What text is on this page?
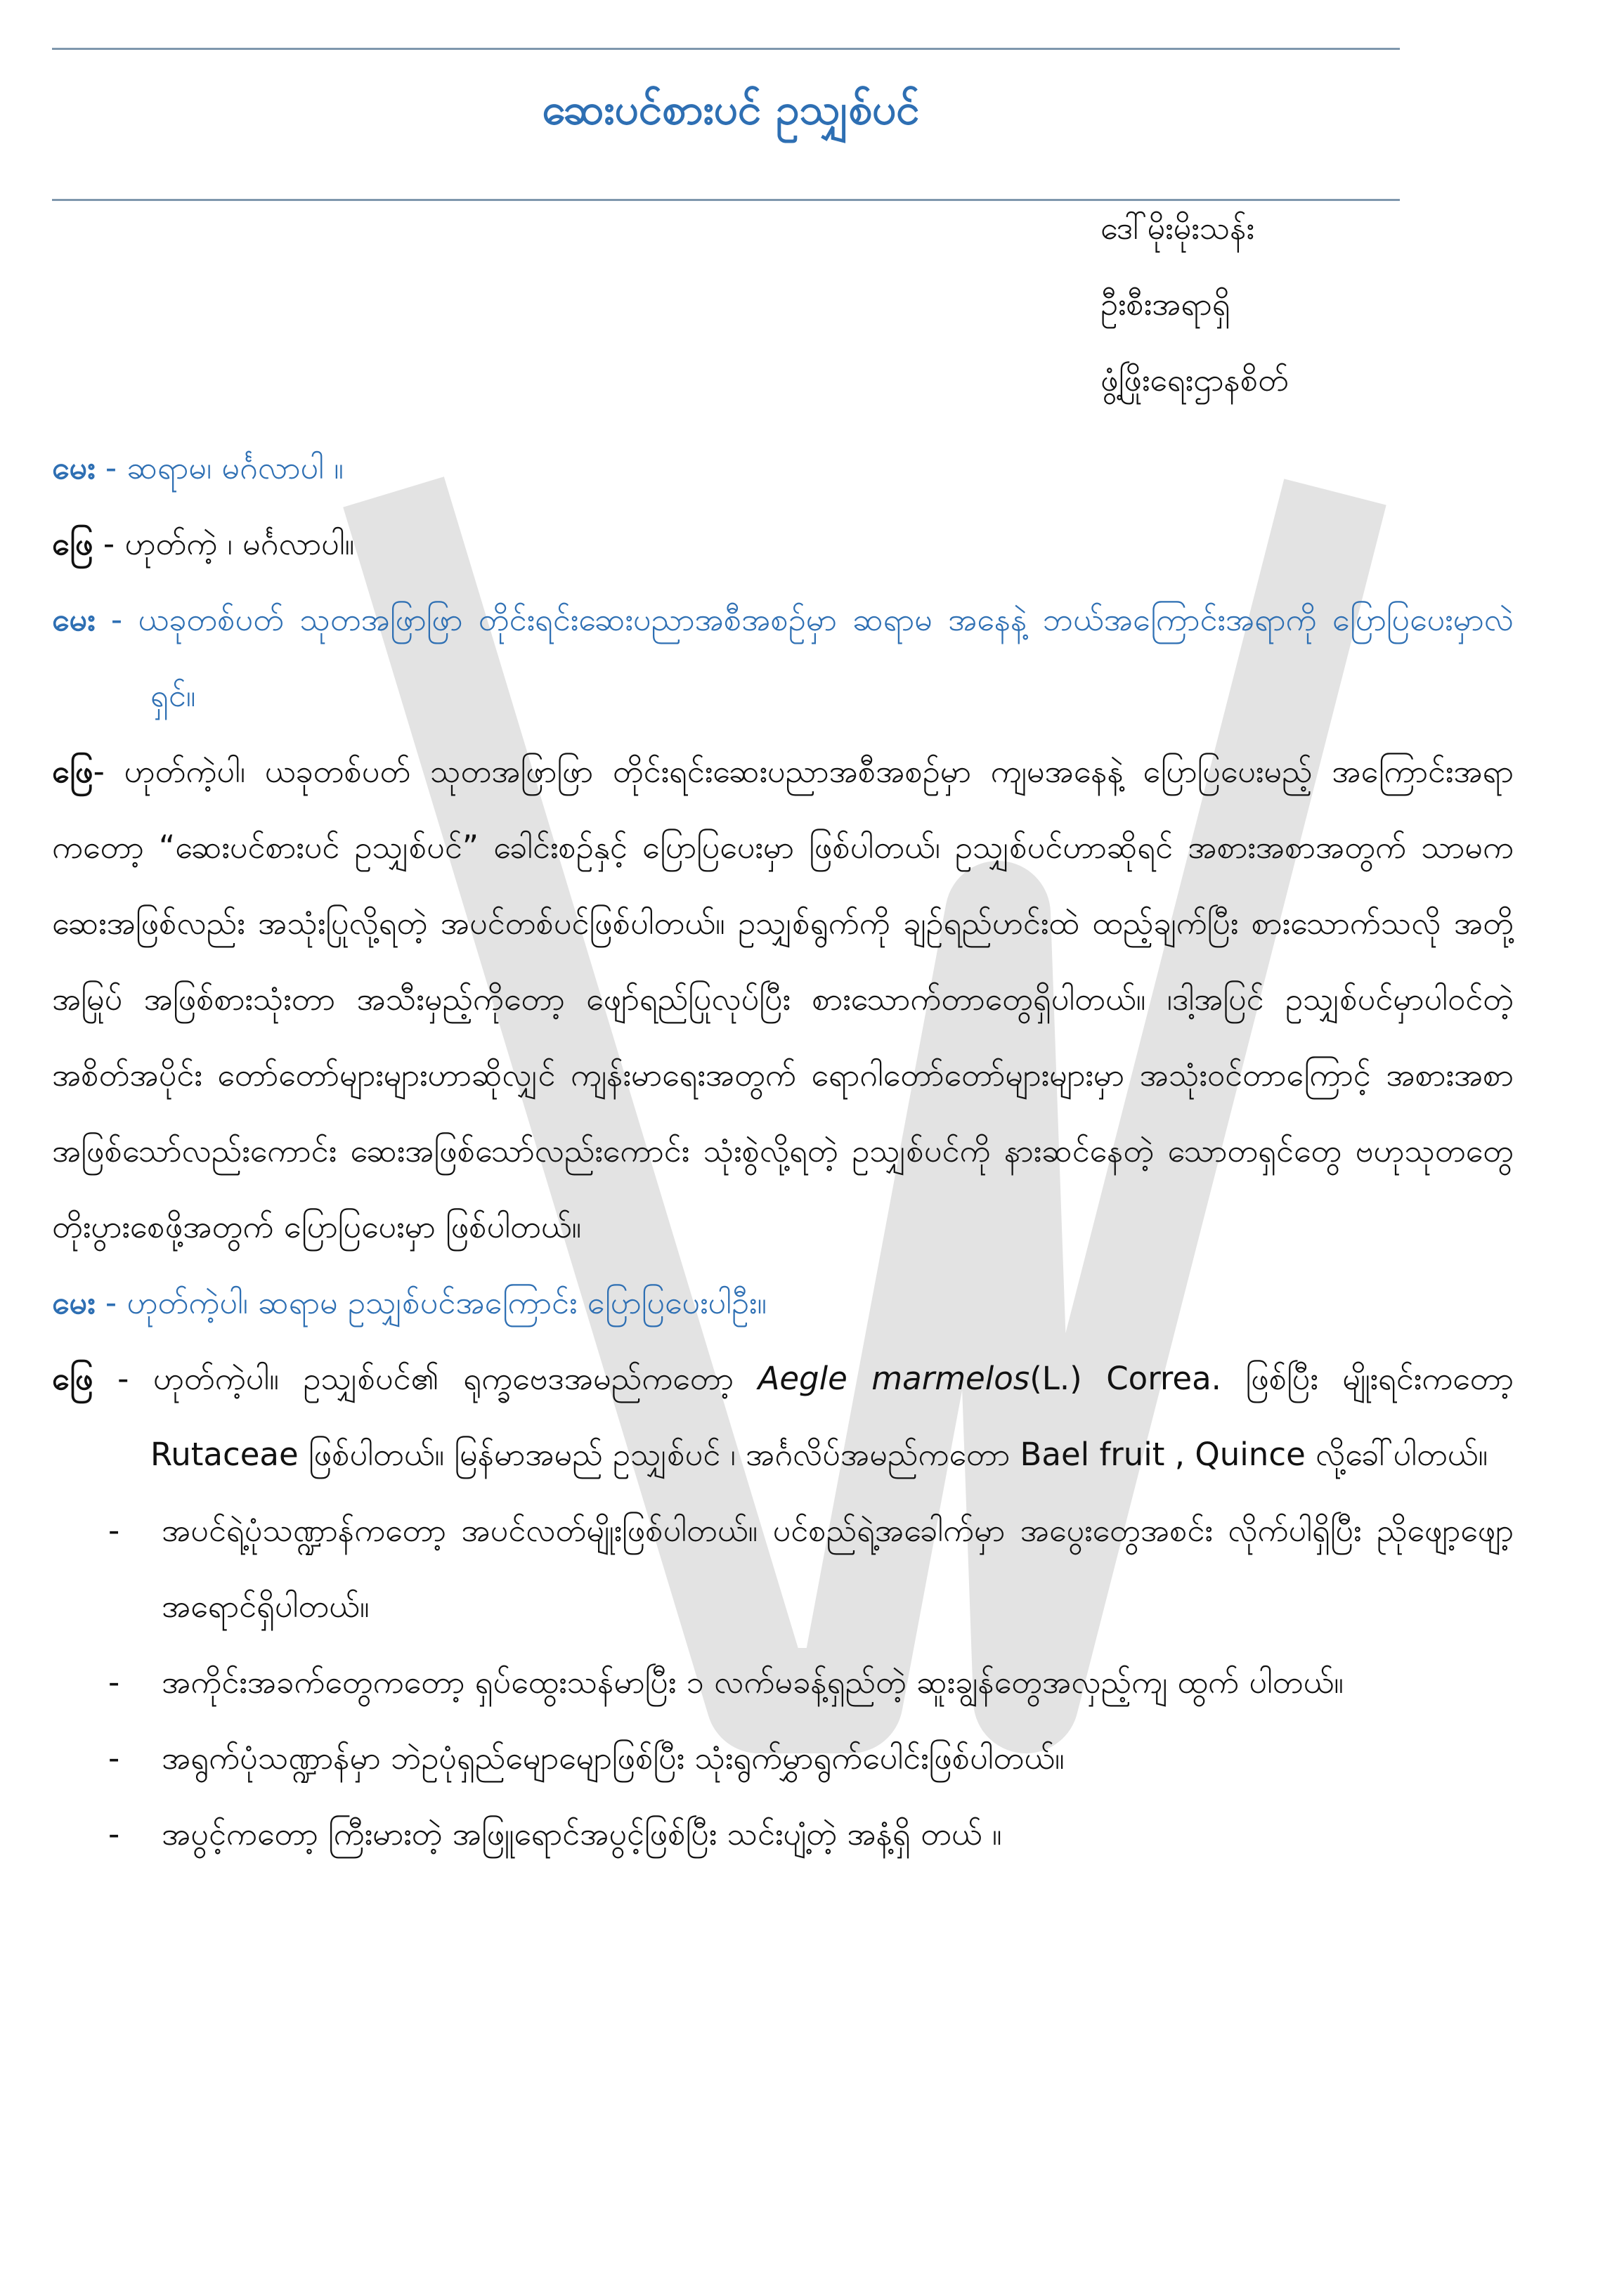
ဆေးပင်စားပင် ဥသျှစ်ပင်
ဒေါ်မိုးမိုးသန်း
ဦးစီးအရာရှိ
ဖွံ့ဖြိုးရေးဌာနစိတ်

မေး - ဆရာမ၊ မင်္ဂလာပါ ။

ဖြေ - ဟုတ်ကဲ့ ၊ မင်္ဂလာပါ။

မေး - ယခုတစ်ပတ် သုတအဖြာဖြာ တိုင်းရင်းဆေးပညာအစီအစဉ်မှာ ဆရာမ အနေနဲ့ ဘယ်အကြောင်းအရာကို ပြောပြပေးမှာလဲရှင်။

ဖြေ- ဟုတ်ကဲ့ပါ၊ ယခုတစ်ပတ် သုတအဖြာဖြာ တိုင်းရင်းဆေးပညာအစီအစဉ်မှာ ကျမအနေနဲ့ ပြောပြပေးမည့် အကြောင်းအရာကတော့ “ဆေးပင်စားပင် ဥသျှစ်ပင်” ခေါင်းစဉ်နှင့် ပြောပြပေးမှာ ဖြစ်ပါတယ်၊ ဥသျှစ်ပင်ဟာဆိုရင် အစားအစာအတွက် သာမက ဆေးအဖြစ်လည်း အသုံးပြုလို့ရတဲ့ အပင်တစ်ပင်ဖြစ်ပါတယ်။ ဥသျှစ်ရွက်ကို ချဉ်ရည်ဟင်းထဲ ထည့်ချက်ပြီး စားသောက်သလို အတို့အမြုပ် အဖြစ်စားသုံးတာ အသီးမှည့်ကိုတော့ ဖျော်ရည်ပြုလုပ်ပြီး စားသောက်တာတွေရှိပါတယ်။ ၊ဒါ့အပြင် ဥသျှစ်ပင်မှာပါဝင်တဲ့ အစိတ်အပိုင်း တော်တော်များများဟာဆိုလျှင် ကျန်းမာရေးအတွက် ရောဂါတော်တော်များများမှာ အသုံးဝင်တာကြောင့် အစားအစာအဖြစ်သော်လည်းကောင်း ဆေးအဖြစ်သော်လည်းကောင်း သုံးစွဲလို့ရတဲ့ ဥသျှစ်ပင်ကို နားဆင်နေတဲ့ သောတရှင်တွေ ဗဟုသုတတွေ တိုးပွားစေဖို့အတွက် ပြောပြပေးမှာ ဖြစ်ပါတယ်။

မေး - ဟုတ်ကဲ့ပါ၊ ဆရာမ ဥသျှစ်ပင်အကြောင်း ပြောပြပေးပါဦး။

ဖြေ - ဟုတ်ကဲ့ပါ။ ဥသျှစ်ပင်၏ ရုက္ခဗေဒအမည်ကတော့ Aegle marmelos(L.) Correa. ဖြစ်ပြီး မျိုးရင်းကတော့ Rutaceae ဖြစ်ပါတယ်။ မြန်မာအမည် ဥသျှစ်ပင် ၊ အင်္ဂလိပ်အမည်ကတော Bael fruit , Quince လို့ခေါ်ပါတယ်။

- အပင်ရဲ့ပုံသဏ္ဍာန်ကတော့ အပင်လတ်မျိုးဖြစ်ပါတယ်။ ပင်စည်ရဲ့အခေါက်မှာ အပွေးတွေအစင်း လိုက်ပါရှိပြီး ညိုဖျော့ဖျော့ အရောင်ရှိပါတယ်။

- အကိုင်းအခက်တွေကတော့ ရှပ်ထွေးသန်မာပြီး ၁ လက်မခန့်ရှည်တဲ့ ဆူးချွန်တွေအလှည့်ကျ ထွက် ပါတယ်။

- အရွက်ပုံသဏ္ဍာန်မှာ ဘဲဥပုံရှည်မျောမျောဖြစ်ပြီး သုံးရွက်မွှာရွက်ပေါင်းဖြစ်ပါတယ်။

- အပွင့်ကတော့ ကြီးမားတဲ့ အဖြူရောင်အပွင့်ဖြစ်ပြီး သင်းပျံ့တဲ့ အနံ့ရှိ တယ် ။
